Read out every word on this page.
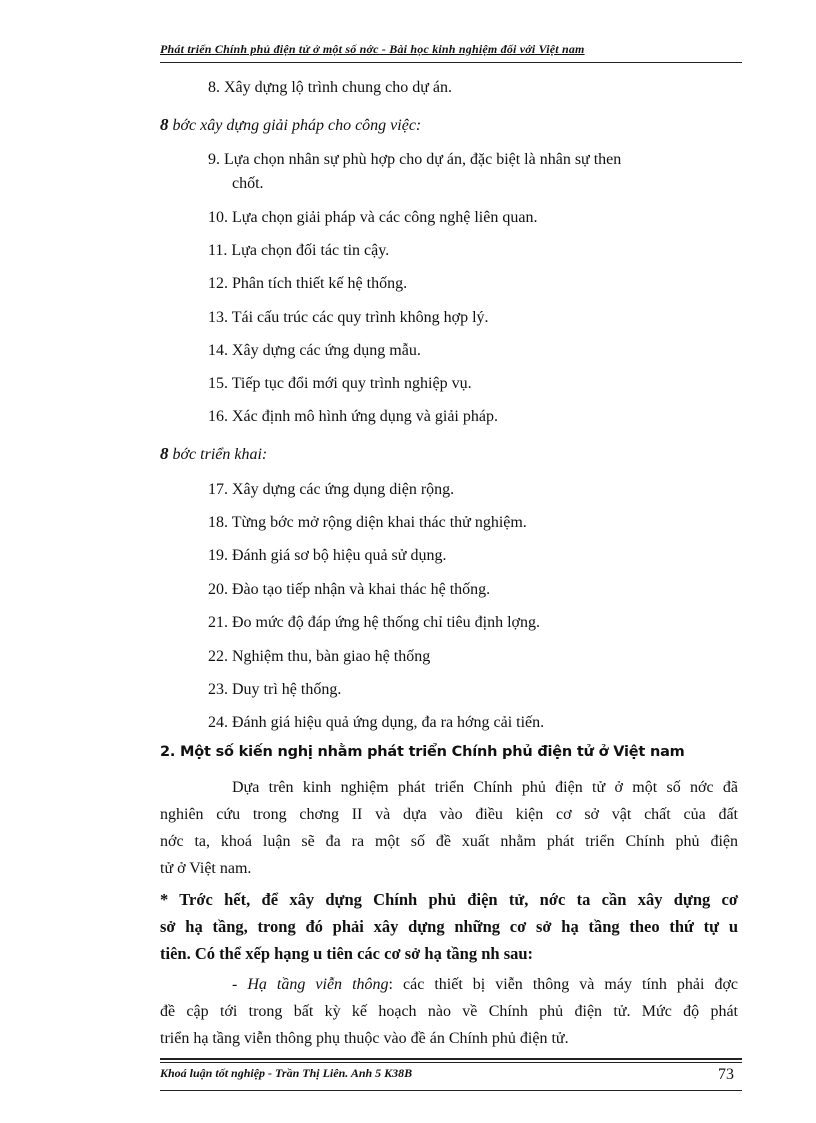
Phát triển Chính phủ điện tử ở một số nớc - Bài học kinh nghiệm đối với Việt nam
8. Xây dựng lộ trình chung cho dự án.
8 bớc xây dựng giải pháp cho công việc:
9. Lựa chọn nhân sự phù hợp cho dự án, đặc biệt là nhân sự then
chốt.
10. Lựa chọn giải pháp và các công nghệ liên quan.
11. Lựa chọn đối tác tin cậy.
12. Phân tích thiết kế hệ thống.
13. Tái cấu trúc các quy trình không hợp lý.
14. Xây dựng các ứng dụng mẫu.
15. Tiếp tục đổi mới quy trình nghiệp vụ.
16. Xác định mô hình ứng dụng và giải pháp.
8 bớc triển khai:
17. Xây dựng các ứng dụng diện rộng.
18. Từng bớc mở rộng diện khai thác thử nghiệm.
19. Đánh giá sơ bộ hiệu quả sử dụng.
20. Đào tạo tiếp nhận và khai thác hệ thống.
21. Đo mức độ đáp ứng hệ thống chỉ tiêu định lợng.
22. Nghiệm thu, bàn giao hệ thống
23. Duy trì hệ thống.
24. Đánh giá hiệu quả ứng dụng, đa ra hớng cải tiến.
2. Một số kiến nghị nhằm phát triển Chính phủ điện tử ở Việt nam
Dựa trên kinh nghiệm phát triển Chính phủ điện tử ở một số nớc đã
nghiên cứu trong chơng II và dựa vào điều kiện cơ sở vật chất của đất
nớc ta, khoá luận sẽ đa ra một số đề xuất nhằm phát triển Chính phủ điện
tử ở Việt nam.
* Trớc hết, để xây dựng Chính phủ điện tử, nớc ta cần xây dựng cơ
sở hạ tầng, trong đó phải xây dựng những cơ sở hạ tầng theo thứ tự u
tiên. Có thể xếp hạng u tiên các cơ sở hạ tầng nh sau:
- Hạ tầng viễn thông: các thiết bị viễn thông và máy tính phải đợc
đề cập tới trong bất kỳ kế hoạch nào về Chính phủ điện tử. Mức độ phát
triển hạ tầng viễn thông phụ thuộc vào đề án Chính phủ điện tử.
Khoá luận tốt nghiệp - Trần Thị Liên. Anh 5 K38B	73
